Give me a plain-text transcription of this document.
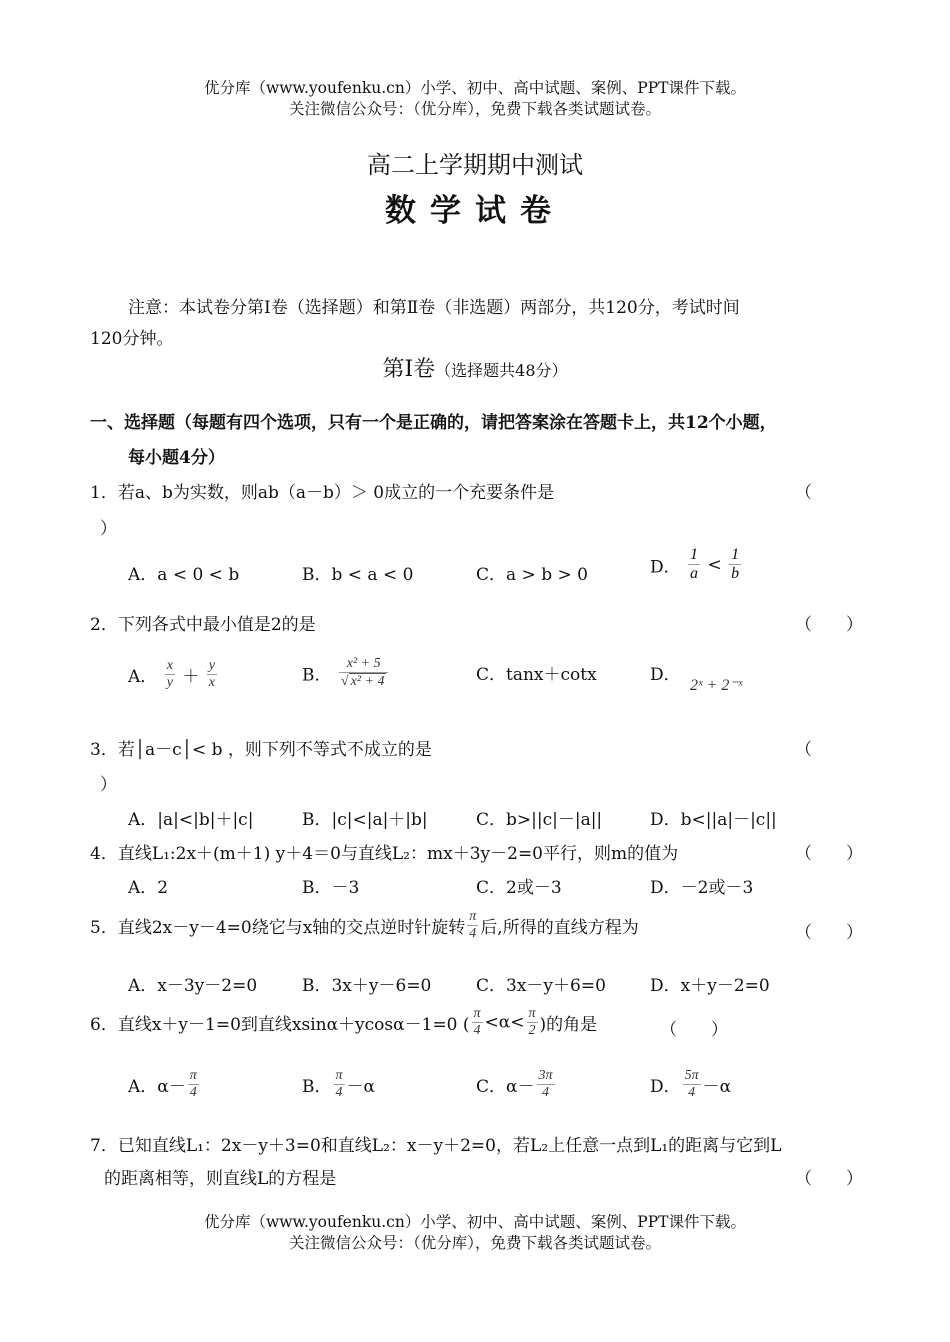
优分库（www.youfenku.cn）小学、初中、高中试题、案例、PPT课件下载。
关注微信公众号：（优分库），免费下载各类试题试卷。
高二上学期期中测试
数学试卷
注意：本试卷分第Ⅰ卷（选择题）和第Ⅱ卷（非选题）两部分，共120分，考试时间
120分钟。
第Ⅰ卷（选择题共48分）
一、选择题（每题有四个选项，只有一个是正确的，请把答案涂在答题卡上，共12个小题，
每小题4分）
1．若a、b为实数，则ab（a－b）＞ 0成立的一个充要条件是	（
）
A．a < 0 < b	B．b < a < 0	C．a > b > 0	D． $\frac{1}{a} < \frac{1}{b}$
2．下列各式中最小值是2的是	（　　）
A． $\frac{x}{y} + \frac{y}{x}$	B． $\frac{\text{x² + 5}}{\text{√ x² + 4}}$	C．tanx＋cotx	D．
2ˣ + 2⁻ˣ
3．若│a－c│< b ，则下列不等式不成立的是	（
）
A．|a|<|b|＋|c|	B．|c|<|a|＋|b|	C．b>||c|－|a||	D．b<||a|－|c||
4．直线L₁:2x＋(m＋1) y＋4＝0与直线L₂：mx＋3y－2=0平行，则m的值为	（　　）
A．2	B．－3	C．2或－3	D．－2或－3
5．直线2x－y－4=0绕它与x轴的交点逆时针旋转 $\frac{\pi}{4}$ 后,所得的直线方程为	（　　）
A．x－3y－2=0	B．3x＋y－6=0	C．3x－y＋6=0	D．x＋y－2=0
6．直线x＋y－1=0到直线xsinα＋ycosα－1=0 ( $\frac{\pi}{4} <\alpha< \frac{\pi}{2}$ )的角是	（　　）
A．$\alpha- \frac{\pi}{4}$	B． $\frac{\pi}{4} -\alpha$	C．$\alpha- \frac{3\pi}{4}$	D． $\frac{5\pi}{4} -\alpha$
7．已知直线L₁：2x－y＋3=0和直线L₂：x－y＋2=0，若L₂上任意一点到L₁的距离与它到L
的距离相等，则直线L的方程是	（　　）
优分库（www.youfenku.cn）小学、初中、高中试题、案例、PPT课件下载。
关注微信公众号：（优分库），免费下载各类试题试卷。
